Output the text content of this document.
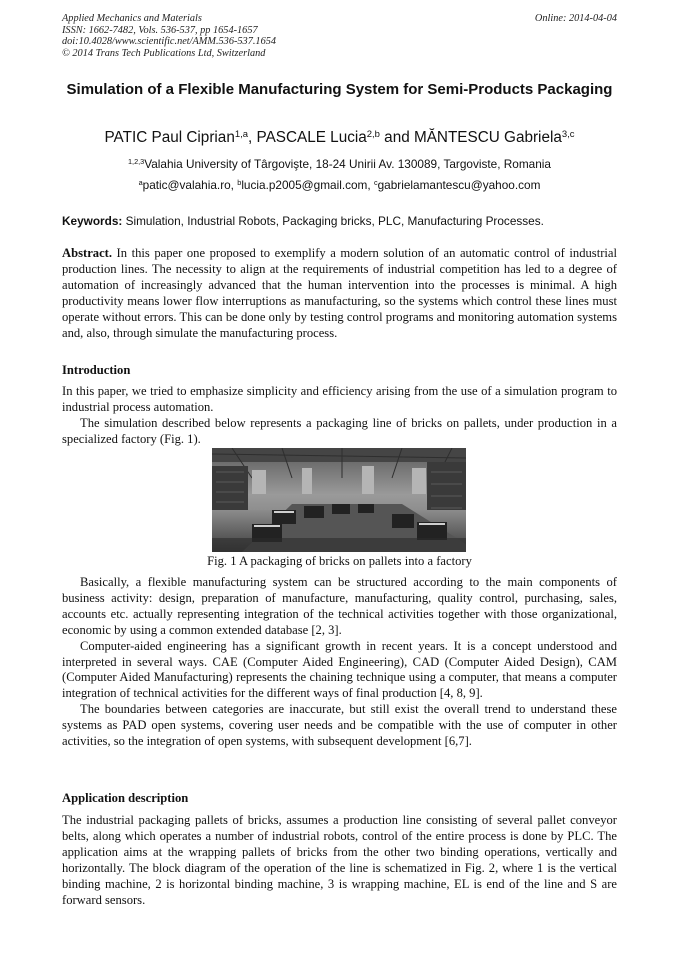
Applied Mechanics and Materials
ISSN: 1662-7482, Vols. 536-537, pp 1654-1657
doi:10.4028/www.scientific.net/AMM.536-537.1654
© 2014 Trans Tech Publications Ltd, Switzerland
Online: 2014-04-04
Simulation of a Flexible Manufacturing System for Semi-Products Packaging
PATIC Paul Ciprian$^{1,a}$, PASCALE Lucia$^{2,b}$ and MĂNTESCU Gabriela$^{3,c}$
$^{1,2,3}$Valahia University of Târgovişte, 18-24 Unirii Av. 130089, Targoviste, Romania
$^a$patic@valahia.ro, $^b$lucia.p2005@gmail.com, $^c$gabrielamantescu@yahoo.com
Keywords: Simulation, Industrial Robots, Packaging bricks, PLC, Manufacturing Processes.
Abstract. In this paper one proposed to exemplify a modern solution of an automatic control of industrial production lines. The necessity to align at the requirements of industrial competition has led to a degree of automation of increasingly advanced that the human intervention into the processes is minimal. A high productivity means lower flow interruptions as manufacturing, so the systems which control these lines must operate without errors. This can be done only by testing control programs and monitoring automation systems and, also, through simulate the manufacturing process.
Introduction

In this paper, we tried to emphasize simplicity and efficiency arising from the use of a simulation program to industrial process automation.

The simulation described below represents a packaging line of bricks on pallets, under production in a specialized factory (Fig. 1).

Fig. 1 A packaging of bricks on pallets into a factory

Basically, a flexible manufacturing system can be structured according to the main components of business activity: design, preparation of manufacture, manufacturing, quality control, purchasing, sales, accounts etc. actually representing integration of the technical activities together with those organizational, economic by using a common extended database [2, 3].

Computer-aided engineering has a significant growth in recent years. It is a concept understood and interpreted in several ways. CAE (Computer Aided Engineering), CAD (Computer Aided Design), CAM (Computer Aided Manufacturing) represents the chaining technique using a computer, that means a computer integration of technical activities for the different ways of final production [4, 8, 9].

The boundaries between categories are inaccurate, but still exist the overall trend to understand these systems as PAD open systems, covering user needs and be compatible with the use of computer in other activities, so the integration of open systems, with subsequent development [6,7].

Application description

The industrial packaging pallets of bricks, assumes a production line consisting of several pallet conveyor belts, along which operates a number of industrial robots, control of the entire process is done by PLC. The application aims at the wrapping pallets of bricks from the other two binding operations, vertically and horizontally. The block diagram of the operation of the line is schematized in Fig. 2, where 1 is the vertical binding machine, 2 is horizontal binding machine, 3 is wrapping machine, EL is end of the line and S are forward sensors.
